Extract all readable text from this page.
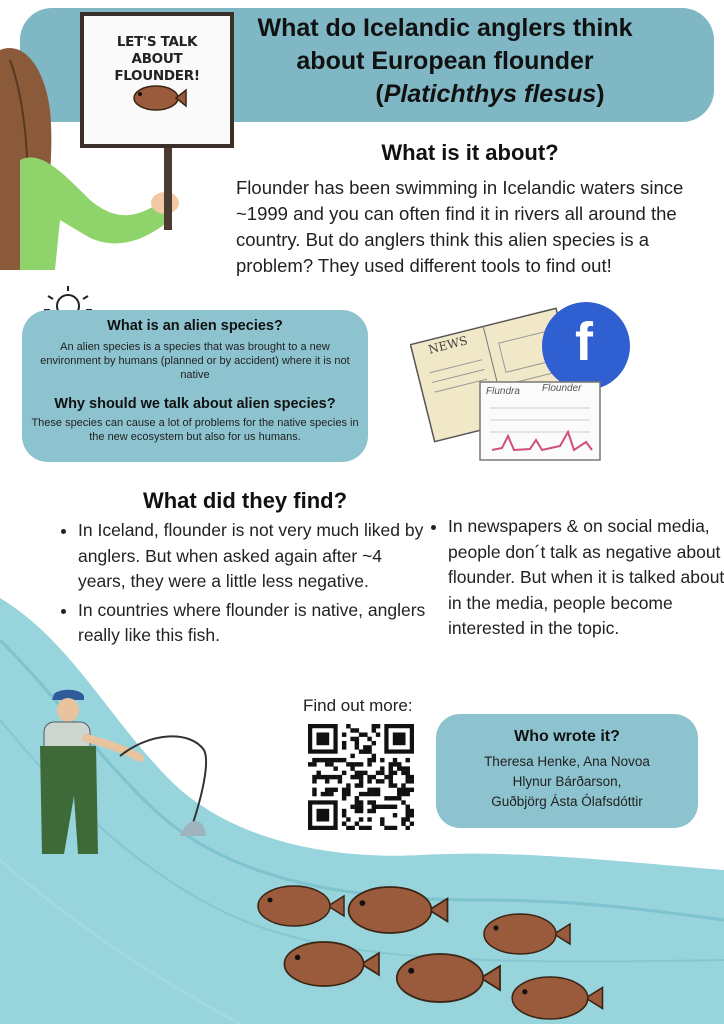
What do Icelandic anglers think
about European flounder
(Platichthys flesus)
LET'S TALK
ABOUT FLOUNDER!
What is it about?
Flounder has been swimming in Icelandic waters since ~1999 and you can often find it in rivers all around the country. But do anglers think this alien species is a problem? They used different tools to find out!
What is an alien species?
An alien species is a species that was brought to a new environment by humans (planned or by accident) where it is not native
Why should we talk about alien species?
These species can cause a lot of problems for the native species in the new ecosystem but also for us humans.
NEWS
Flundra Flounder
f
What did they find?
• In Iceland, flounder is not very much liked by anglers. But when asked again after ~4 years, they were a little less negative.
• In countries where flounder is native, anglers really like this fish.
• In newspapers & on social media, people don´t talk as negative about flounder. But when it is talked about in the media, people become interested in the topic.
Find out more:
Who wrote it?
Theresa Henke, Ana Novoa
Hlynur Bárðarson,
Guðbjörg Ásta Ólafsdóttir
